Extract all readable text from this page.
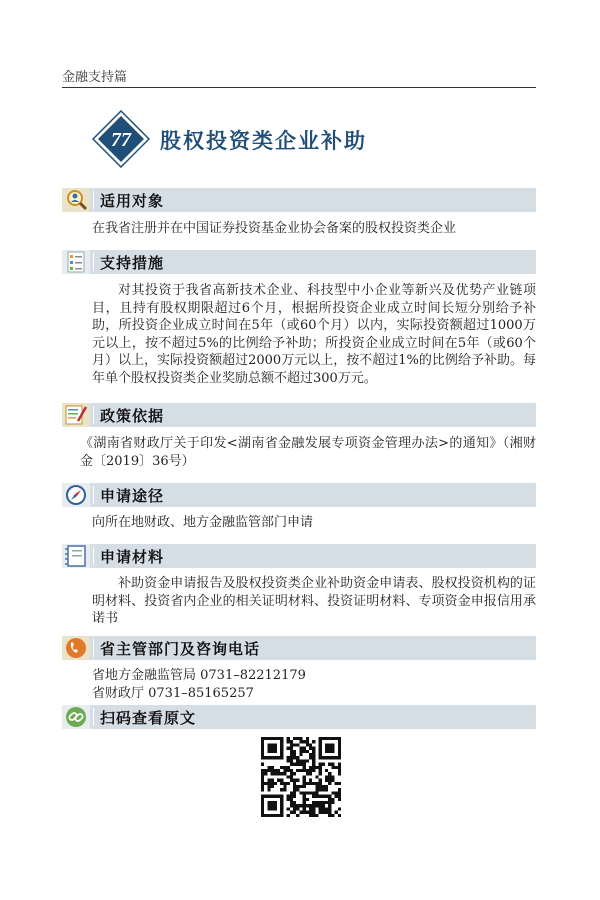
金融支持篇
77 股权投资类企业补助
适用对象
在我省注册并在中国证券投资基金业协会备案的股权投资类企业
支持措施
对其投资于我省高新技术企业、科技型中小企业等新兴及优势产业链项目，且持有股权期限超过6个月，根据所投资企业成立时间长短分别给予补助，所投资企业成立时间在5年（或60个月）以内，实际投资额超过1000万元以上，按不超过5%的比例给予补助；所投资企业成立时间在5年（或60个月）以上，实际投资额超过2000万元以上，按不超过1%的比例给予补助。每年单个股权投资类企业奖励总额不超过300万元。
政策依据
《湖南省财政厅关于印发<湖南省金融发展专项资金管理办法>的通知》（湘财金〔2019〕36号）
申请途径
向所在地财政、地方金融监管部门申请
申请材料
补助资金申请报告及股权投资类企业补助资金申请表、股权投资机构的证明材料、投资省内企业的相关证明材料、投资证明材料、专项资金申报信用承诺书
省主管部门及咨询电话
省地方金融监管局 0731–82212179
省财政厅 0731–85165257
扫码查看原文
